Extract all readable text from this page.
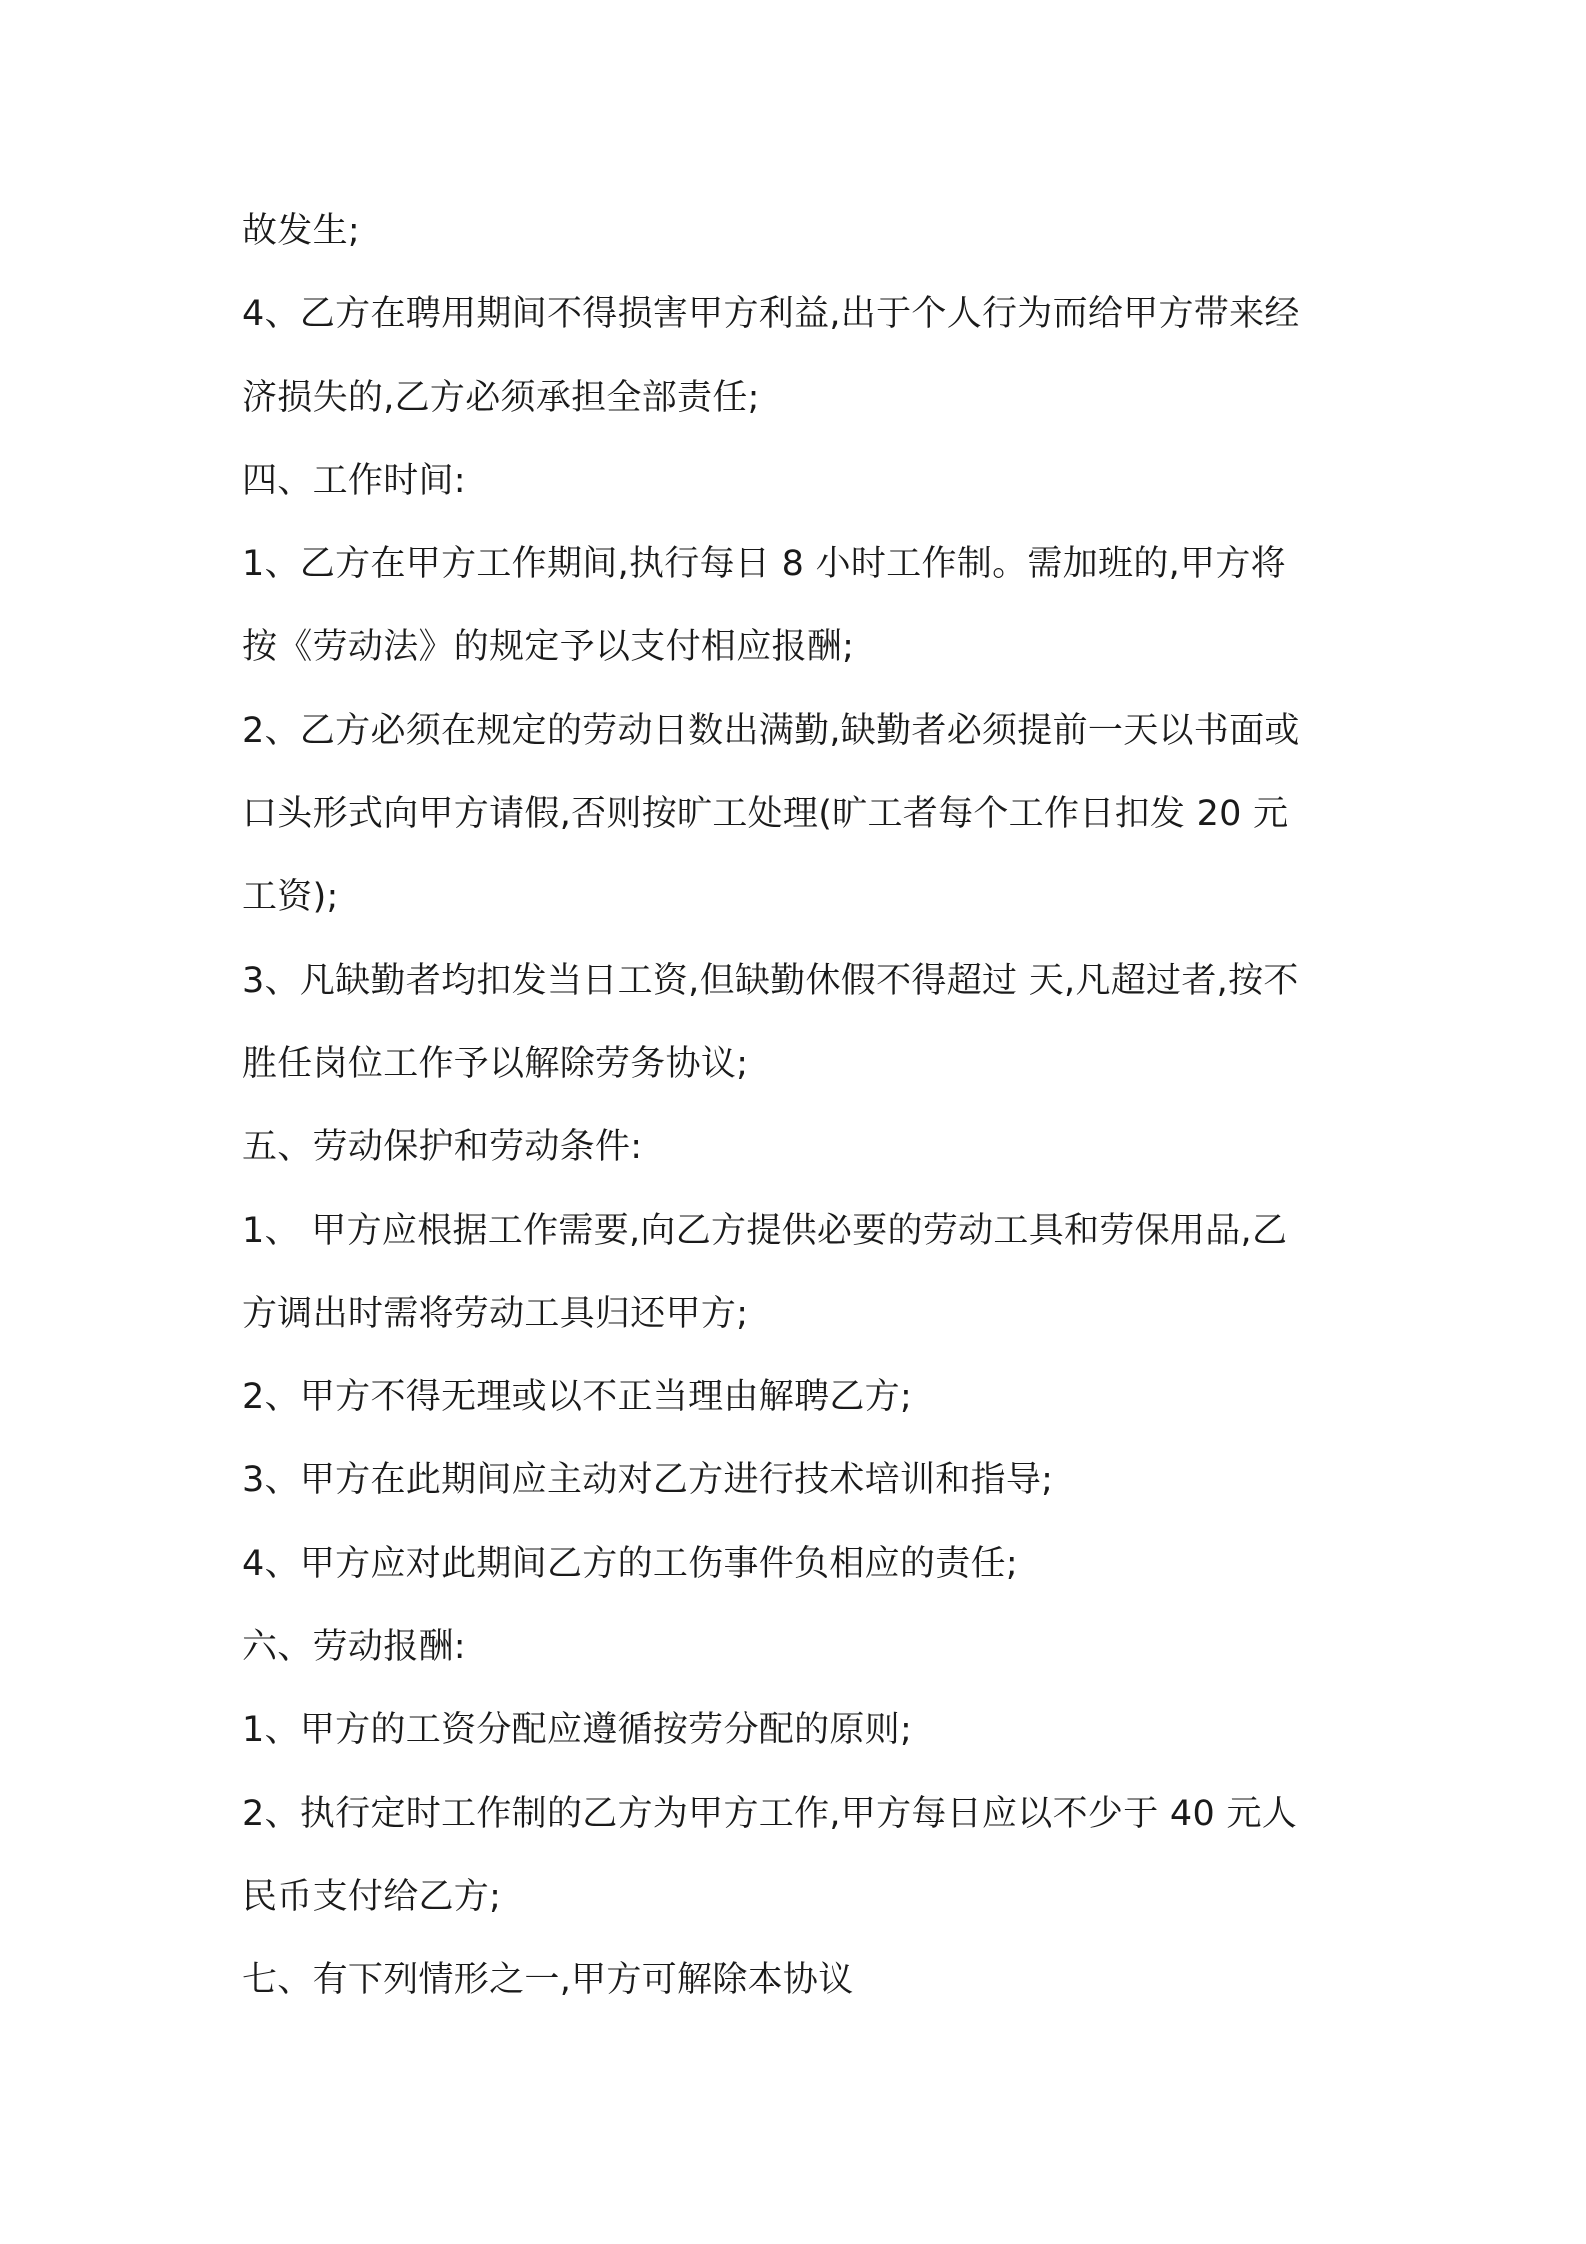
故发生;
4、乙方在聘用期间不得损害甲方利益,出于个人行为而给甲方带来经
济损失的,乙方必须承担全部责任;
四、工作时间:
1、乙方在甲方工作期间,执行每日 8 小时工作制。需加班的,甲方将
按《劳动法》的规定予以支付相应报酬;
2、乙方必须在规定的劳动日数出满勤,缺勤者必须提前一天以书面或
口头形式向甲方请假,否则按旷工处理(旷工者每个工作日扣发 20 元
工资);
3、凡缺勤者均扣发当日工资,但缺勤休假不得超过 天,凡超过者,按不
胜任岗位工作予以解除劳务协议;
五、劳动保护和劳动条件:
1、 甲方应根据工作需要,向乙方提供必要的劳动工具和劳保用品,乙
方调出时需将劳动工具归还甲方;
2、甲方不得无理或以不正当理由解聘乙方;
3、甲方在此期间应主动对乙方进行技术培训和指导;
4、甲方应对此期间乙方的工伤事件负相应的责任;
六、劳动报酬:
1、甲方的工资分配应遵循按劳分配的原则;
2、执行定时工作制的乙方为甲方工作,甲方每日应以不少于 40 元人
民币支付给乙方;
七、有下列情形之一,甲方可解除本协议
